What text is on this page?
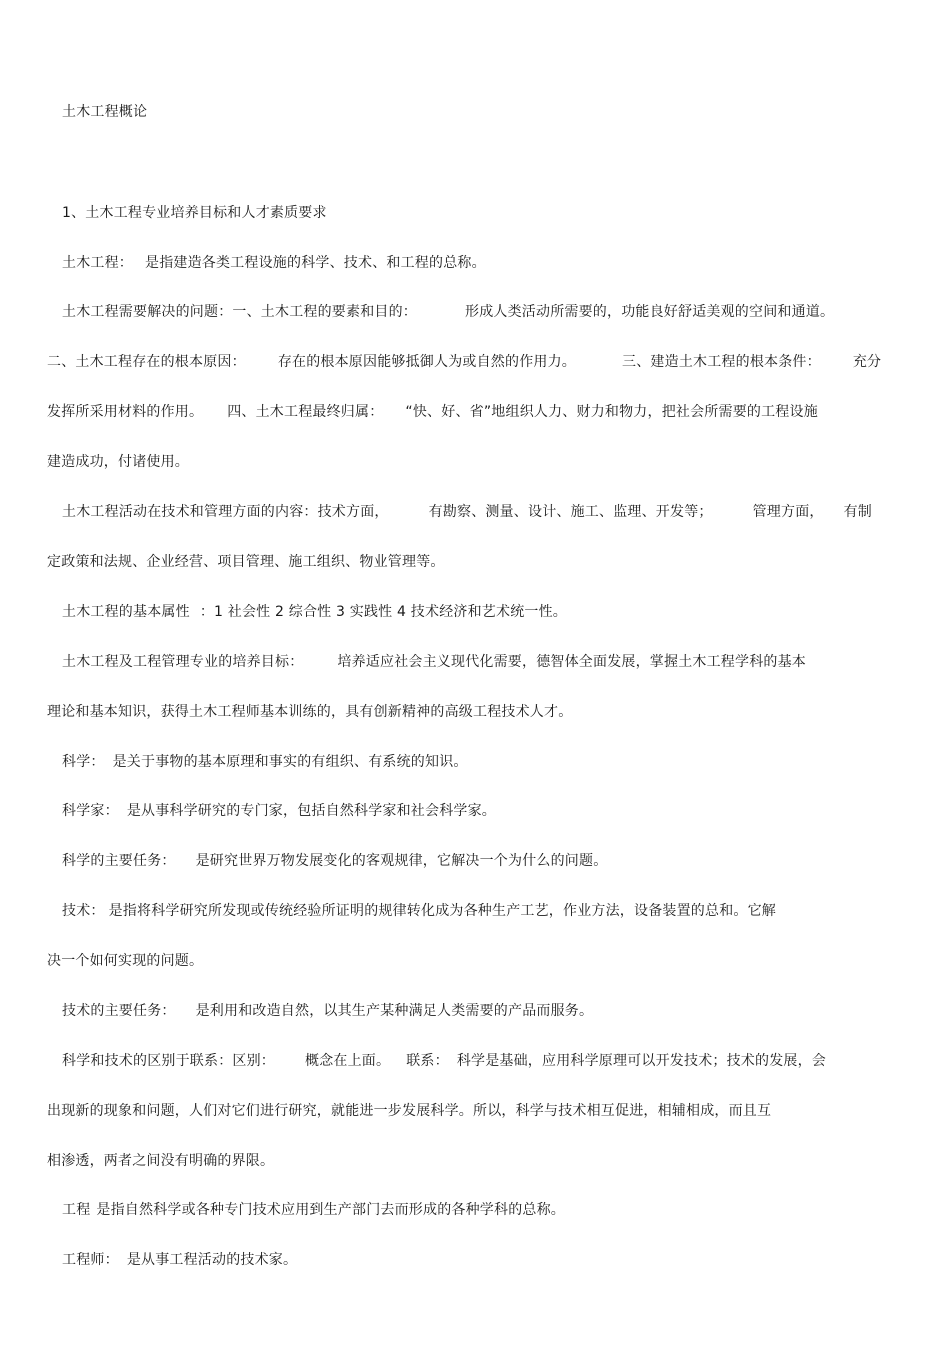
土木工程概论
1、土木工程专业培养目标和人才素质要求
土木工程： 是指建造各类工程设施的科学、技术、和工程的总称。
土木工程需要解决的问题：一、土木工程的要素和目的：	形成人类活动所需要的，功能良好舒适美观的空间和通道。
二、土木工程存在的根本原因： 存在的根本原因能够抵御人为或自然的作用力。	三、建造土木工程的根本条件： 充分
发挥所采用材料的作用。 四、土木工程最终归属： “快、好、省”地组织人力、财力和物力，把社会所需要的工程设施
建造成功，付诸使用。
土木工程活动在技术和管理方面的内容：技术方面，	有勘察、测量、设计、施工、监理、开发等；	管理方面， 有制
定政策和法规、企业经营、项目管理、施工组织、物业管理等。
土木工程的基本属性 ：1 社会性 2 综合性 3 实践性 4 技术经济和艺术统一性。
土木工程及工程管理专业的培养目标： 培养适应社会主义现代化需要，德智体全面发展，掌握土木工程学科的基本
理论和基本知识，获得土木工程师基本训练的，具有创新精神的高级工程技术人才。
科学： 是关于事物的基本原理和事实的有组织、有系统的知识。
科学家： 是从事科学研究的专门家，包括自然科学家和社会科学家。
科学的主要任务： 是研究世界万物发展变化的客观规律，它解决一个为什么的问题。
技术： 是指将科学研究所发现或传统经验所证明的规律转化成为各种生产工艺，作业方法，设备装置的总和。它解
决一个如何实现的问题。
技术的主要任务： 是利用和改造自然，以其生产某种满足人类需要的产品而服务。
科学和技术的区别于联系：区别： 概念在上面。 联系： 科学是基础，应用科学原理可以开发技术；技术的发展，会
出现新的现象和问题，人们对它们进行研究，就能进一步发展科学。所以，科学与技术相互促进，相辅相成，而且互
相渗透，两者之间没有明确的界限。
工程 是指自然科学或各种专门技术应用到生产部门去而形成的各种学科的总称。
工程师： 是从事工程活动的技术家。
